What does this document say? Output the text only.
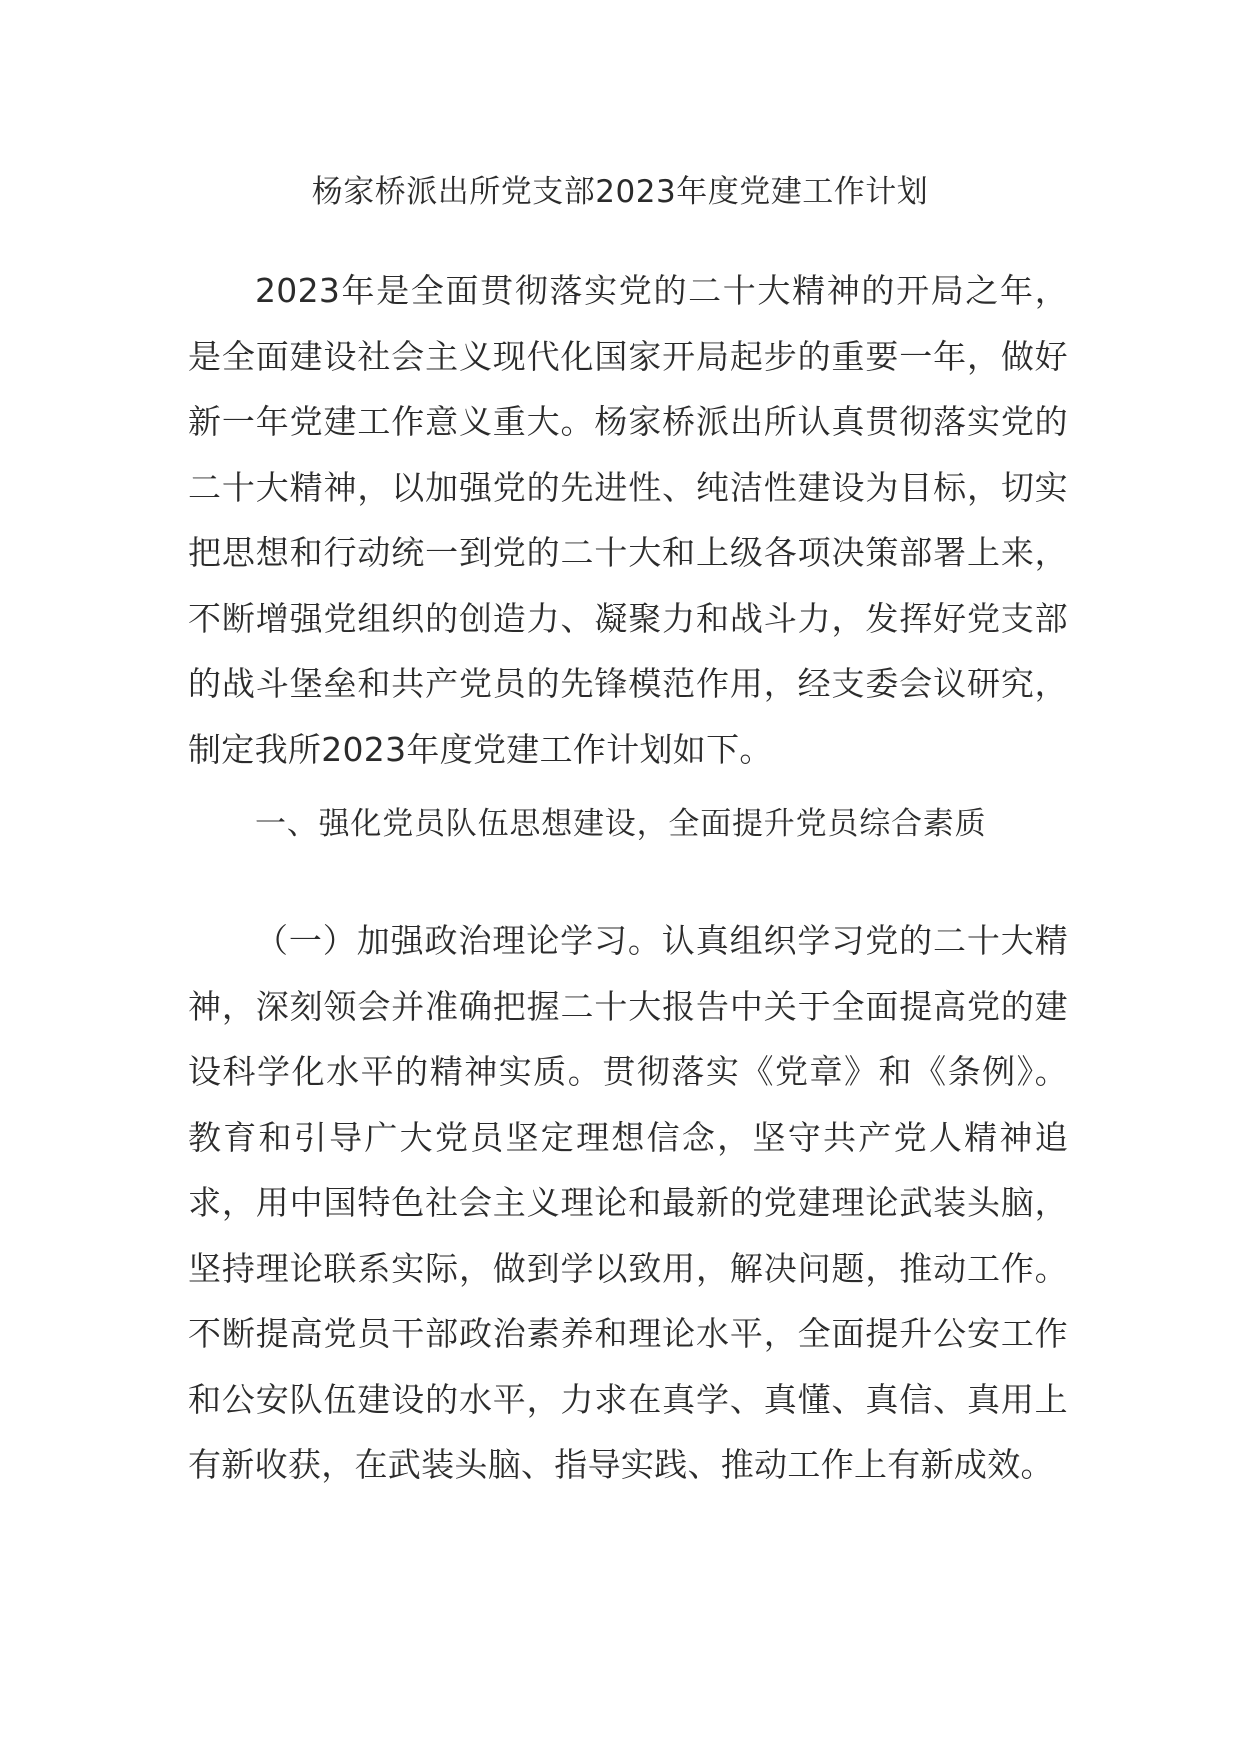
杨家桥派出所党支部2023年度党建工作计划

2023年是全面贯彻落实党的二十大精神的开局之年，是全面建设社会主义现代化国家开局起步的重要一年，做好新一年党建工作意义重大。杨家桥派出所认真贯彻落实党的二十大精神，以加强党的先进性、纯洁性建设为目标，切实把思想和行动统一到党的二十大和上级各项决策部署上来，不断增强党组织的创造力、凝聚力和战斗力，发挥好党支部的战斗堡垒和共产党员的先锋模范作用，经支委会议研究，制定我所2023年度党建工作计划如下。

一、强化党员队伍思想建设，全面提升党员综合素质

（一）加强政治理论学习。认真组织学习党的二十大精神，深刻领会并准确把握二十大报告中关于全面提高党的建设科学化水平的精神实质。贯彻落实《党章》和《条例》。教育和引导广大党员坚定理想信念，坚守共产党人精神追求，用中国特色社会主义理论和最新的党建理论武装头脑，坚持理论联系实际，做到学以致用，解决问题，推动工作。不断提高党员干部政治素养和理论水平，全面提升公安工作和公安队伍建设的水平，力求在真学、真懂、真信、真用上有新收获，在武装头脑、指导实践、推动工作上有新成效。
